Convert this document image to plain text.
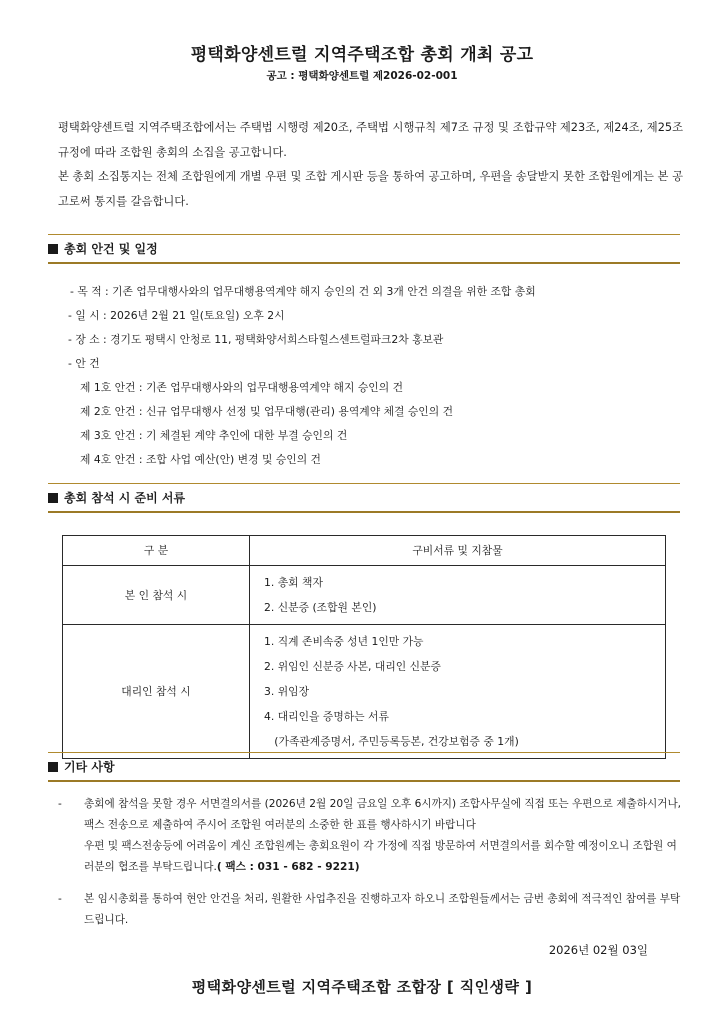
평택화양센트럴 지역주택조합 총회 개최 공고
공고 : 평택화양센트럴 제2026-02-001

평택화양센트럴 지역주택조합에서는 주택법 시행령 제20조, 주택법 시행규칙 제7조 규정 및 조합규약 제23조, 제24조, 제25조규정에 따라 조합원 총회의 소집을 공고합니다.

본 총회 소집통지는 전체 조합원에게 개별 우편 및 조합 게시판 등을 통하여 공고하며, 우편을 송달받지 못한 조합원에게는 본 공고로써 통지를 갈음합니다.

총회 안건 및 일정
- 목 적 : 기존 업무대행사와의 업무대행용역계약 해지 승인의 건 외 3개 안건 의결을 위한 조합 총회
- 일 시 : 2026년 2월 21 일(토요일) 오후 2시
- 장 소 : 경기도 평택시 안청로 11, 평택화양서희스타힐스센트럴파크2차 홍보관
- 안 건
제 1호 안건 : 기존 업무대행사와의 업무대행용역계약 해지 승인의 건
제 2호 안건 : 신규 업무대행사 선정 및 업무대행(관리) 용역계약 체결 승인의 건
제 3호 안건 : 기 체결된 계약 추인에 대한 부결 승인의 건
제 4호 안건 : 조합 사업 예산(안) 변경 및 승인의 건
총회 참석 시 준비 서류
구 분	구비서류 및 지참물
본 인 참석 시	1. 총회 책자
2. 신분증 (조합원 본인)

대리인 참석 시	1. 직계 존비속중 성년 1인만 가능
2. 위임인 신분증 사본, 대리인 신분증
3. 위임장
4. 대리인을 증명하는 서류
(가족관계증명서, 주민등록등본, 건강보험증 중 1개)
기타 사항
- 총회에 참석을 못할 경우 서면결의서를 (2026년 2월 20일 금요일 오후 6시까지) 조합사무실에 직접 또는 우편으로 제출하시거나, 팩스 전송으로 제출하여 주시어 조합원 여러분의 소중한 한 표를 행사하시기 바랍니다
우편 및 팩스전송등에 어려움이 계신 조합원께는 총회요원이 각 가정에 직접 방문하여 서면결의서를 회수할 예정이오니 조합원 여러분의 협조를 부탁드립니다.( 팩스 : 031 - 682 - 9221)
- 본 임시총회를 통하여 현안 안건을 처리, 원활한 사업추진을 진행하고자 하오니 조합원들께서는 금번 총회에 적극적인 참여를 부탁드립니다.
2026년 02월 03일
평택화양센트럴 지역주택조합 조합장 [ 직인생략 ]
